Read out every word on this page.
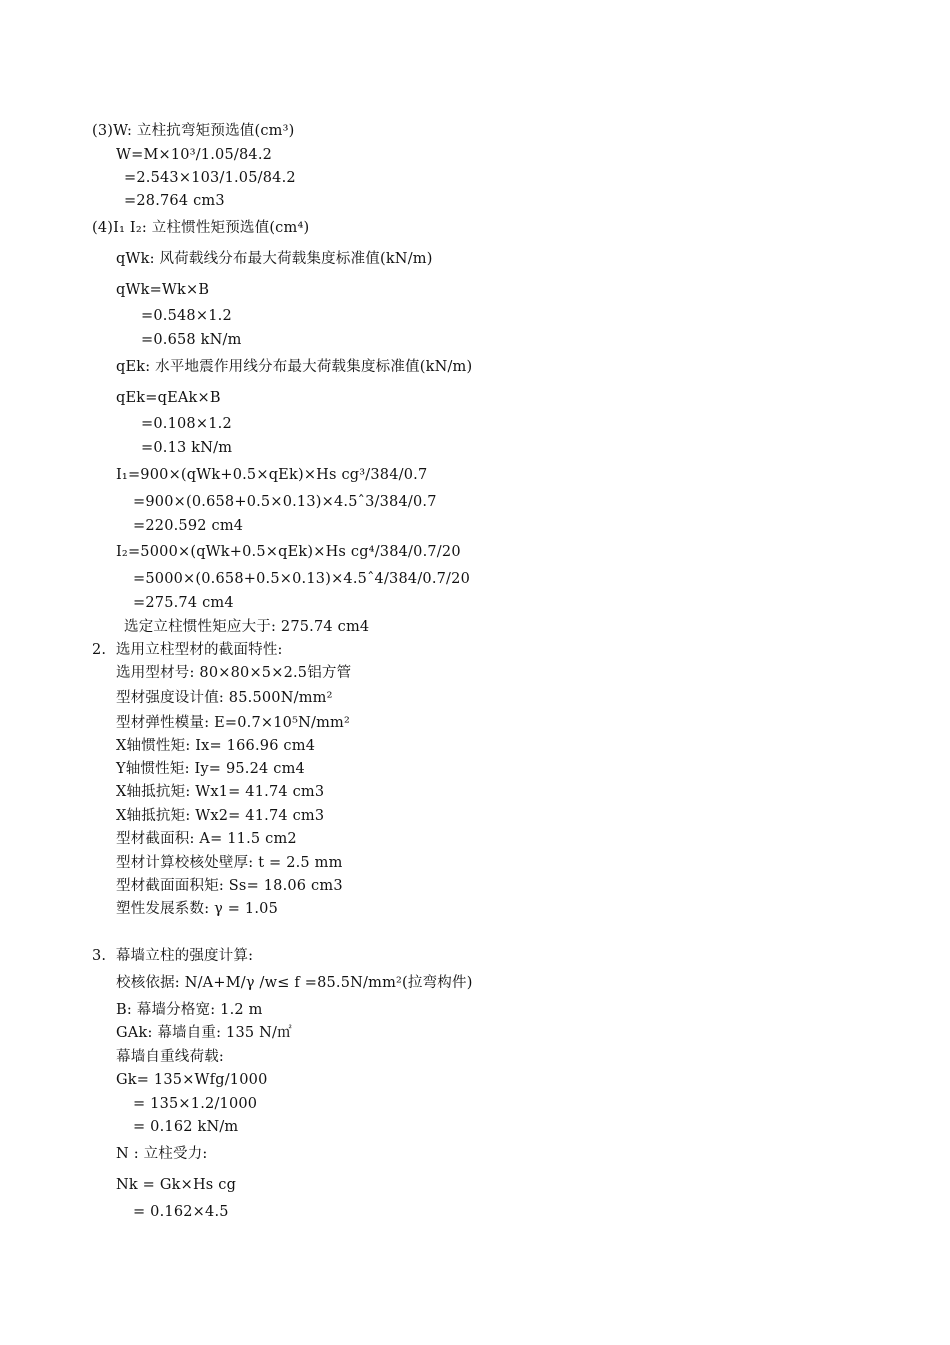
(3)W: 立柱抗弯矩预选值(cm³)
W=M×10³/1.05/84.2
=2.543×103/1.05/84.2
=28.764 cm3
(4)I₁ I₂: 立柱惯性矩预选值(cm⁴)
qWk: 风荷载线分布最大荷载集度标准值(kN/m)
qWk=Wk×B
=0.548×1.2
=0.658 kN/m
qEk: 水平地震作用线分布最大荷载集度标准值(kN/m)
qEk=qEAk×B
=0.108×1.2
=0.13 kN/m
I₁=900×(qWk+0.5×qEk)×Hs cg³/384/0.7
=900×(0.658+0.5×0.13)×4.5ˆ3/384/0.7
=220.592 cm4
I₂=5000×(qWk+0.5×qEk)×Hs cg⁴/384/0.7/20
=5000×(0.658+0.5×0.13)×4.5ˆ4/384/0.7/20
=275.74 cm4
选定立柱惯性矩应大于: 275.74 cm4
2.  选用立柱型材的截面特性:
选用型材号: 80×80×5×2.5铝方管
型材强度设计值: 85.500N/mm²
型材弹性模量: E=0.7×10⁵N/mm²
X轴惯性矩: Ix= 166.96 cm4
Y轴惯性矩: Iy= 95.24 cm4
X轴抵抗矩: Wx1= 41.74 cm3
X轴抵抗矩: Wx2= 41.74 cm3
型材截面积: A= 11.5 cm2
型材计算校核处壁厚: t = 2.5 mm
型材截面面积矩: Ss= 18.06 cm3
塑性发展系数: γ = 1.05
3.  幕墙立柱的强度计算:
校核依据: N/A+M/γ /w≤ f =85.5N/mm²(拉弯构件)
B: 幕墙分格宽: 1.2 m
GAk: 幕墙自重: 135 N/㎡
幕墙自重线荷载:
Gk= 135×Wfg/1000
= 135×1.2/1000
= 0.162 kN/m
N : 立柱受力:
Nk = Gk×Hs cg
= 0.162×4.5
